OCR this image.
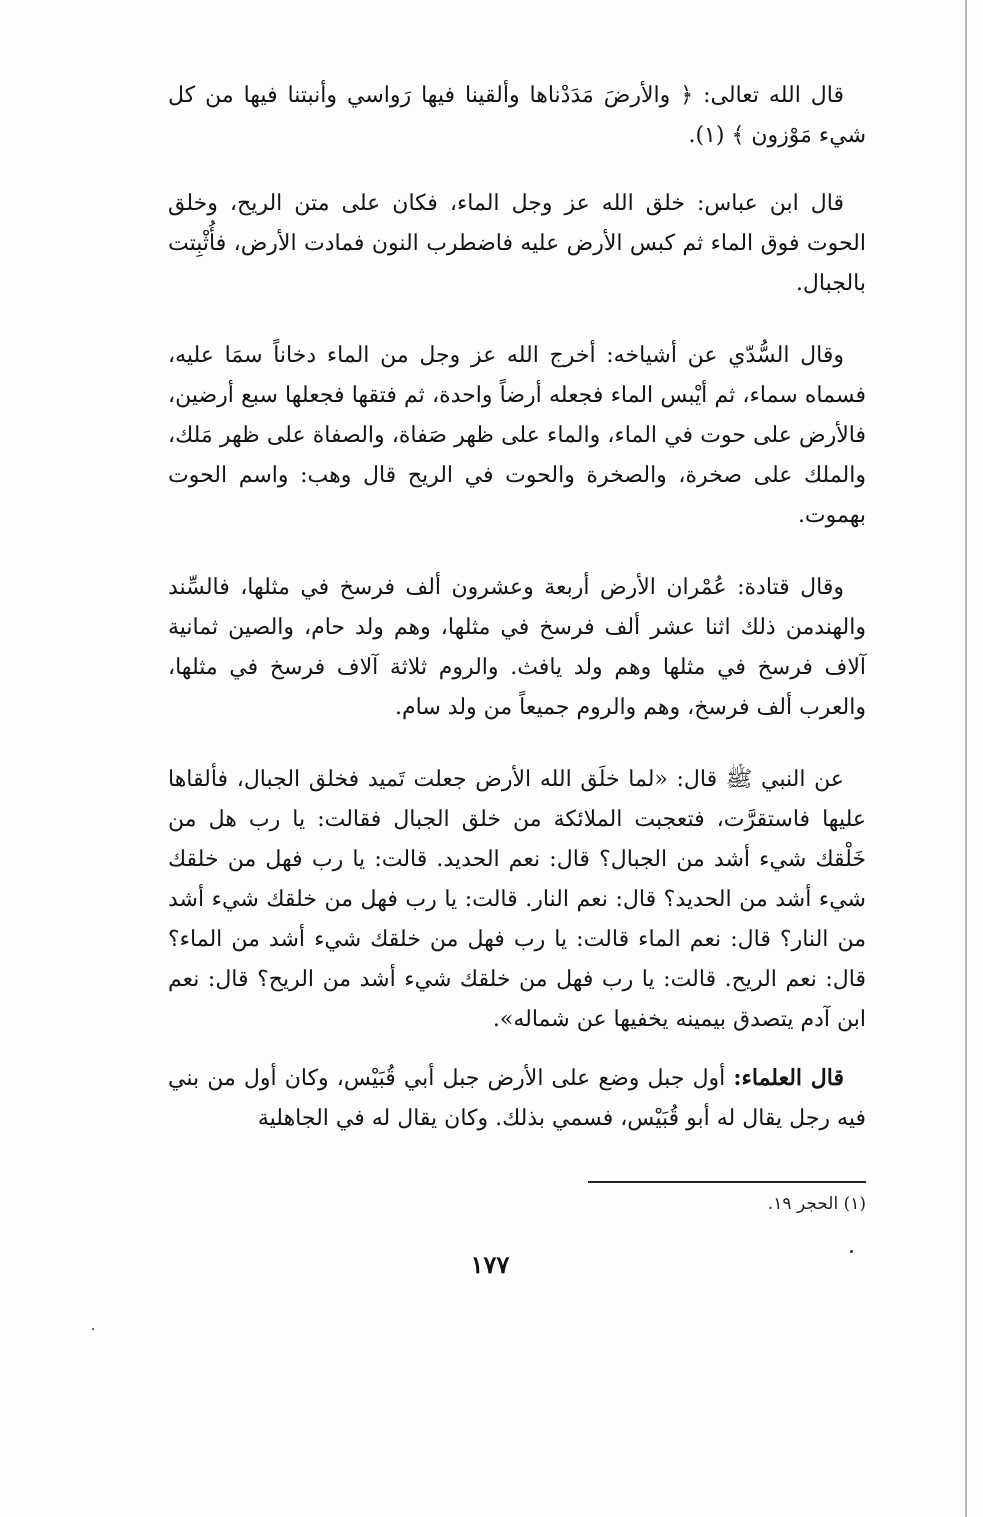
قال الله تعالى: ﴿ والأرضَ مَدَدْناها وألقينا فيها رَواسي وأنبتنا فيها من كل شيء مَوْزون ﴾ (١).

قال ابن عباس: خلق الله عز وجل الماء، فكان على متن الريح، وخلق الحوت فوق الماء ثم كبس الأرض عليه فاضطرب النون فمادت الأرض، فأُثْبِتت بالجبال.

وقال السُّدّي عن أشياخه: أخرج الله عز وجل من الماء دخاناً سمَا عليه، فسماه سماء، ثم أيْبس الماء فجعله أرضاً واحدة، ثم فتقها فجعلها سبع أرضين، فالأرض على حوت في الماء، والماء على ظهر صَفاة، والصفاة على ظهر مَلك، والملك على صخرة، والصخرة والحوت في الريح قال وهب: واسم الحوت بهموت.

وقال قتادة: عُمْران الأرض أربعة وعشرون ألف فرسخ في مثلها، فالسِّند والهندمن ذلك اثنا عشر ألف فرسخ في مثلها، وهم ولد حام، والصين ثمانية آلاف فرسخ في مثلها وهم ولد يافث. والروم ثلاثة آلاف فرسخ في مثلها، والعرب ألف فرسخ، وهم والروم جميعاً من ولد سام.

عن النبي ﷺ قال: «لما خلَق الله الأرض جعلت تَميد فخلق الجبال، فألقاها عليها فاستقرَّت، فتعجبت الملائكة من خلق الجبال فقالت: يا رب هل من خَلْقك شيء أشد من الجبال؟ قال: نعم الحديد. قالت: يا رب فهل من خلقك شيء أشد من الحديد؟ قال: نعم النار. قالت: يا رب فهل من خلقك شيء أشد من النار؟ قال: نعم الماء قالت: يا رب فهل من خلقك شيء أشد من الماء؟ قال: نعم الريح. قالت: يا رب فهل من خلقك شيء أشد من الريح؟ قال: نعم ابن آدم يتصدق بيمينه يخفيها عن شماله».

قال العلماء: أول جبل وضع على الأرض جبل أبي قُبَيْس، وكان أول من بني فيه رجل يقال له أبو قُبَيْس، فسمي بذلك. وكان يقال له في الجاهلية

(١) الحجر ١٩.
١٧٧
